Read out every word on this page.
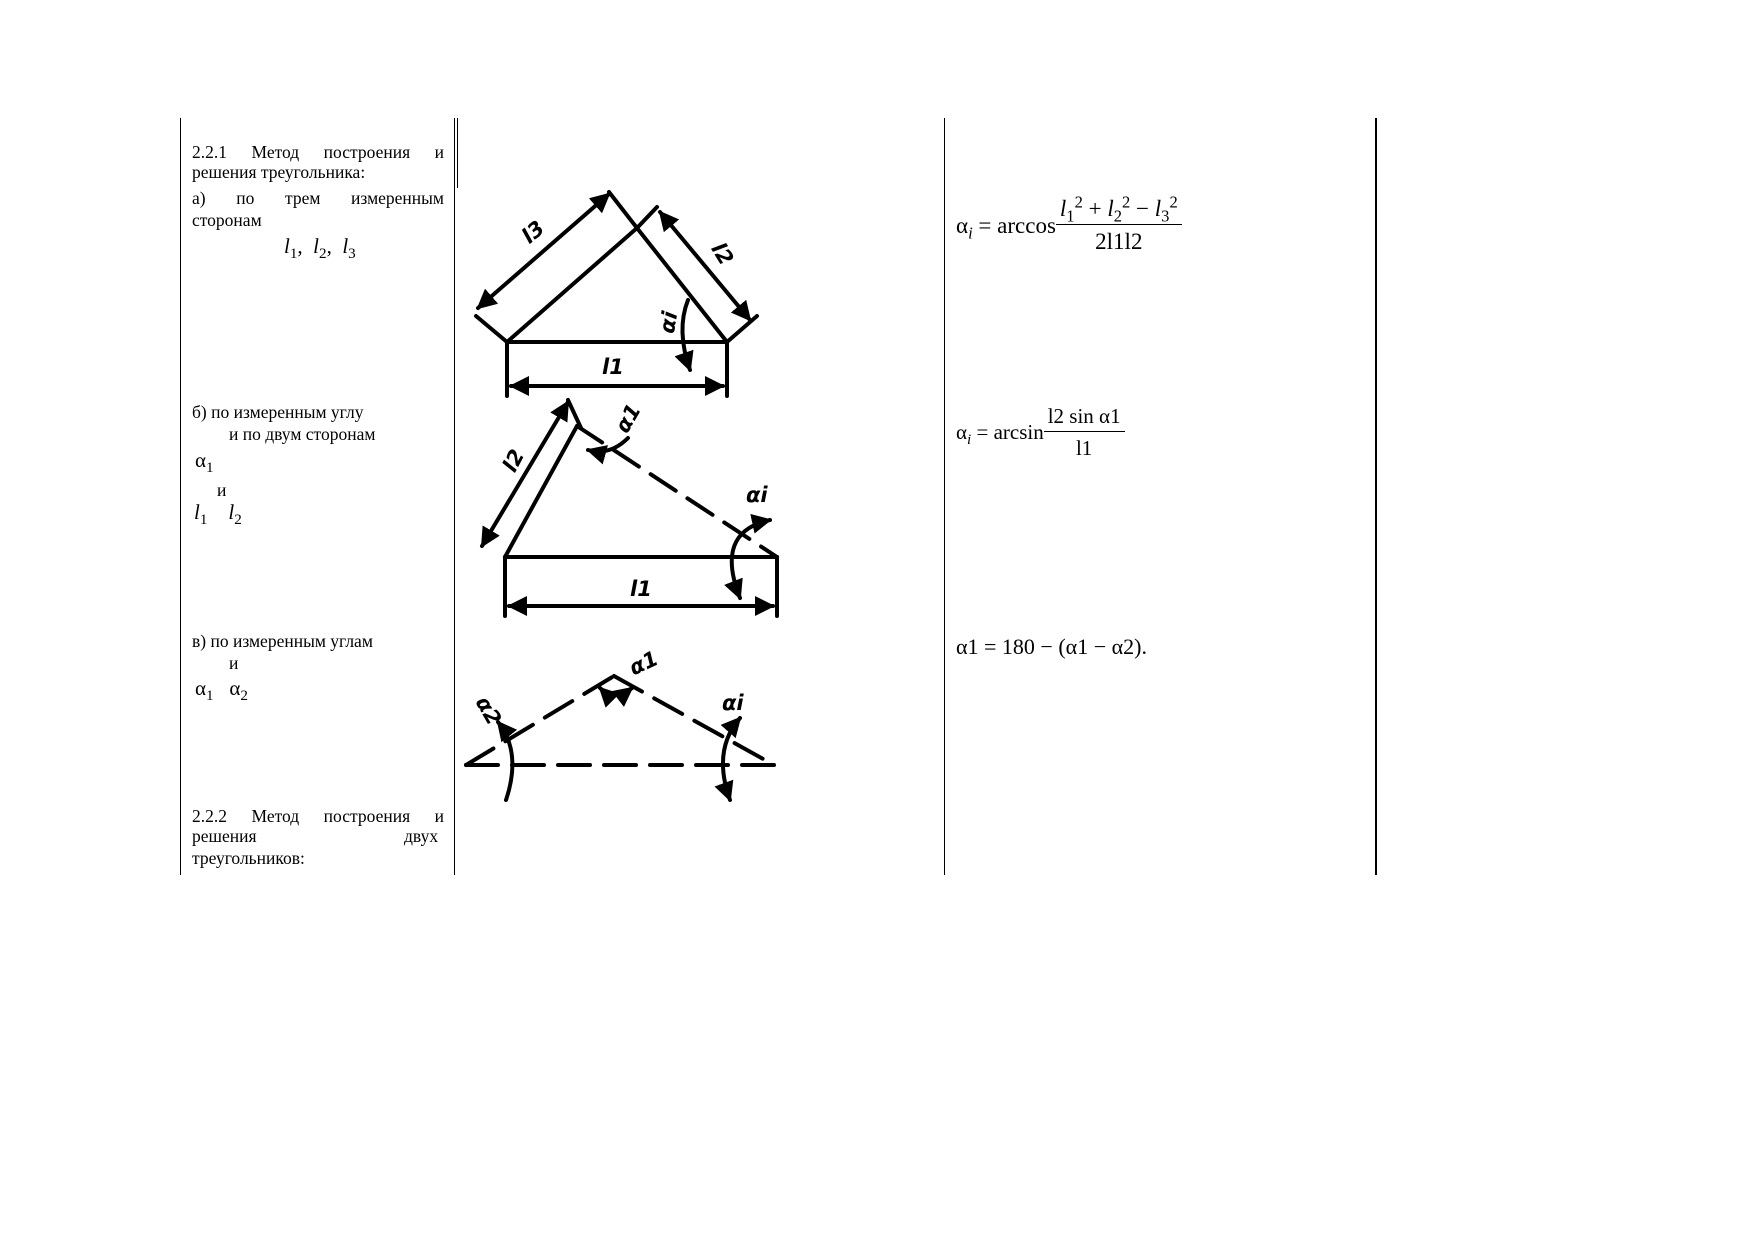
2.2.1 Метод построения и
решения треугольника:
а) по трем измеренным
сторонам
$l_1$,  $l_2$,  $l_3$
б) по измеренным углу
и по двум сторонам
$\alpha_1$
и
$l_1$ $l_2$
в) по измеренным углам
и
$\alpha_1$   $\alpha_2$
2.2.2 Метод построения и
решения	двух
треугольников:
l3
l2
αi
l1
l2
α1
αi
l1
α1
α2	αi
$\alpha_i = \arccos \frac{l_1^2 + l_2^2 - l_3^2}{2l1l2}$
$\alpha_i = \arcsin \frac{\text{l2 sin α1}}{l1}$
α1 = 180 − (α1 − α2).
